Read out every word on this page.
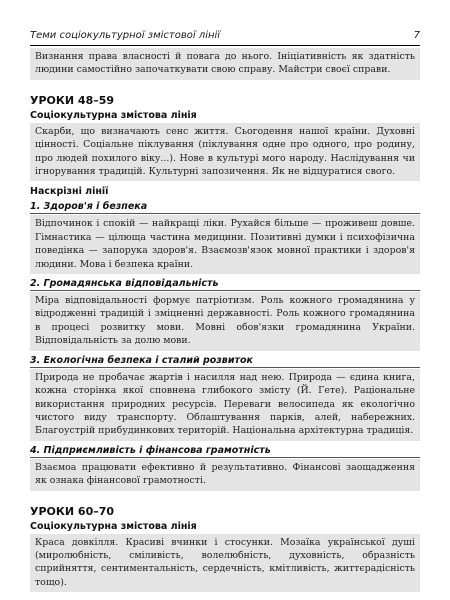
Теми соціокультурної змістової лінії	7
Визнання права власності й повага до нього. Ініціативність як здатність людини самостійно започаткувати свою справу. Майстри своєї справи.
УРОКИ 48–59
Соціокультурна змістова лінія
Скарби, що визначають сенс життя. Сьогодення нашої країни. Духовні цінності. Соціальне піклування (піклування одне про одного, про родину, про людей похилого віку...). Нове в культурі мого народу. Наслідування чи ігнорування традицій. Культурні запозичення. Як не відцуратися свого.
Наскрізні лінії
1. Здоров'я і безпека
Відпочинок і спокій — найкращі ліки. Рухайся більше — проживеш довше. Гімнастика — цілюща частина медицини. Позитивні думки і психофізична поведінка — запорука здоров'я. Взаємозв'язок мовної практики і здоров'я людини. Мова і безпека країни.
2. Громадянська відповідальність
Міра відповідальності формує патріотизм. Роль кожного громадянина у відродженні традицій і зміцненні державності. Роль кожного громадянина в процесі розвитку мови. Мовні обов'язки громадянина України. Відповідальність за долю мови.
3. Екологічна безпека і сталий розвиток
Природа не пробачає жартів і насилля над нею. Природа — єдина книга, кожна сторінка якої сповнена глибокого змісту (Й. Гете). Раціональне використання природних ресурсів. Переваги велосипеда як екологічно чистого виду транспорту. Облаштування парків, алей, набережних. Благоустрій прибудинкових територій. Національна архітектурна традиція.
4. Підприємливість і фінансова грамотність
Взаємоа працювати ефективно й результативно. Фінансові заощадження як ознака фінансової грамотності.
УРОКИ 60–70
Соціокультурна змістова лінія
Краса довкілля. Красиві вчинки і стосунки. Мозаїка української душі (миролюбність, сміливість, волелюбність, духовність, образність сприйняття, сентиментальність, сердечність, кмітливість, життєрадісність тощо).
